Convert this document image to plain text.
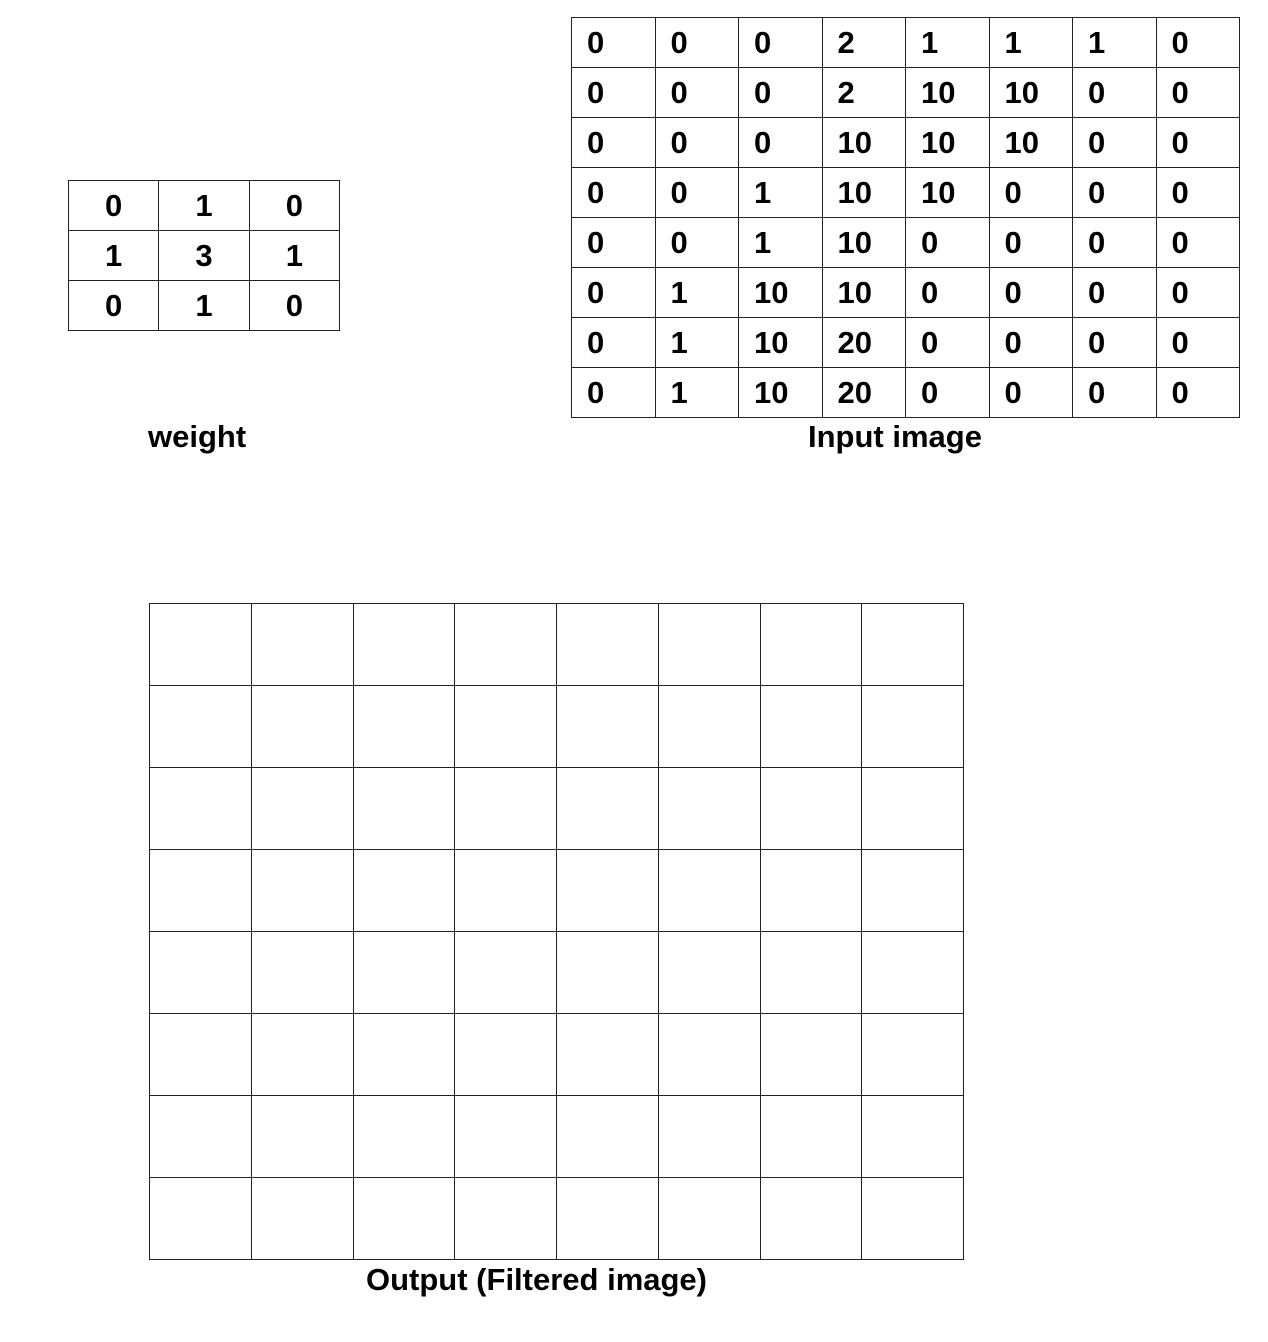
0	1	0
1	3	1
0	1	0
weight
0	0	0	2	1	1	1	0
0	0	0	2	10	10	0	0
0	0	0	10	10	10	0	0
0	0	1	10	10	0	0	0
0	0	1	10	0	0	0	0
0	1	10	10	0	0	0	0
0	1	10	20	0	0	0	0
0	1	10	20	0	0	0	0
Input image

Output (Filtered image)
